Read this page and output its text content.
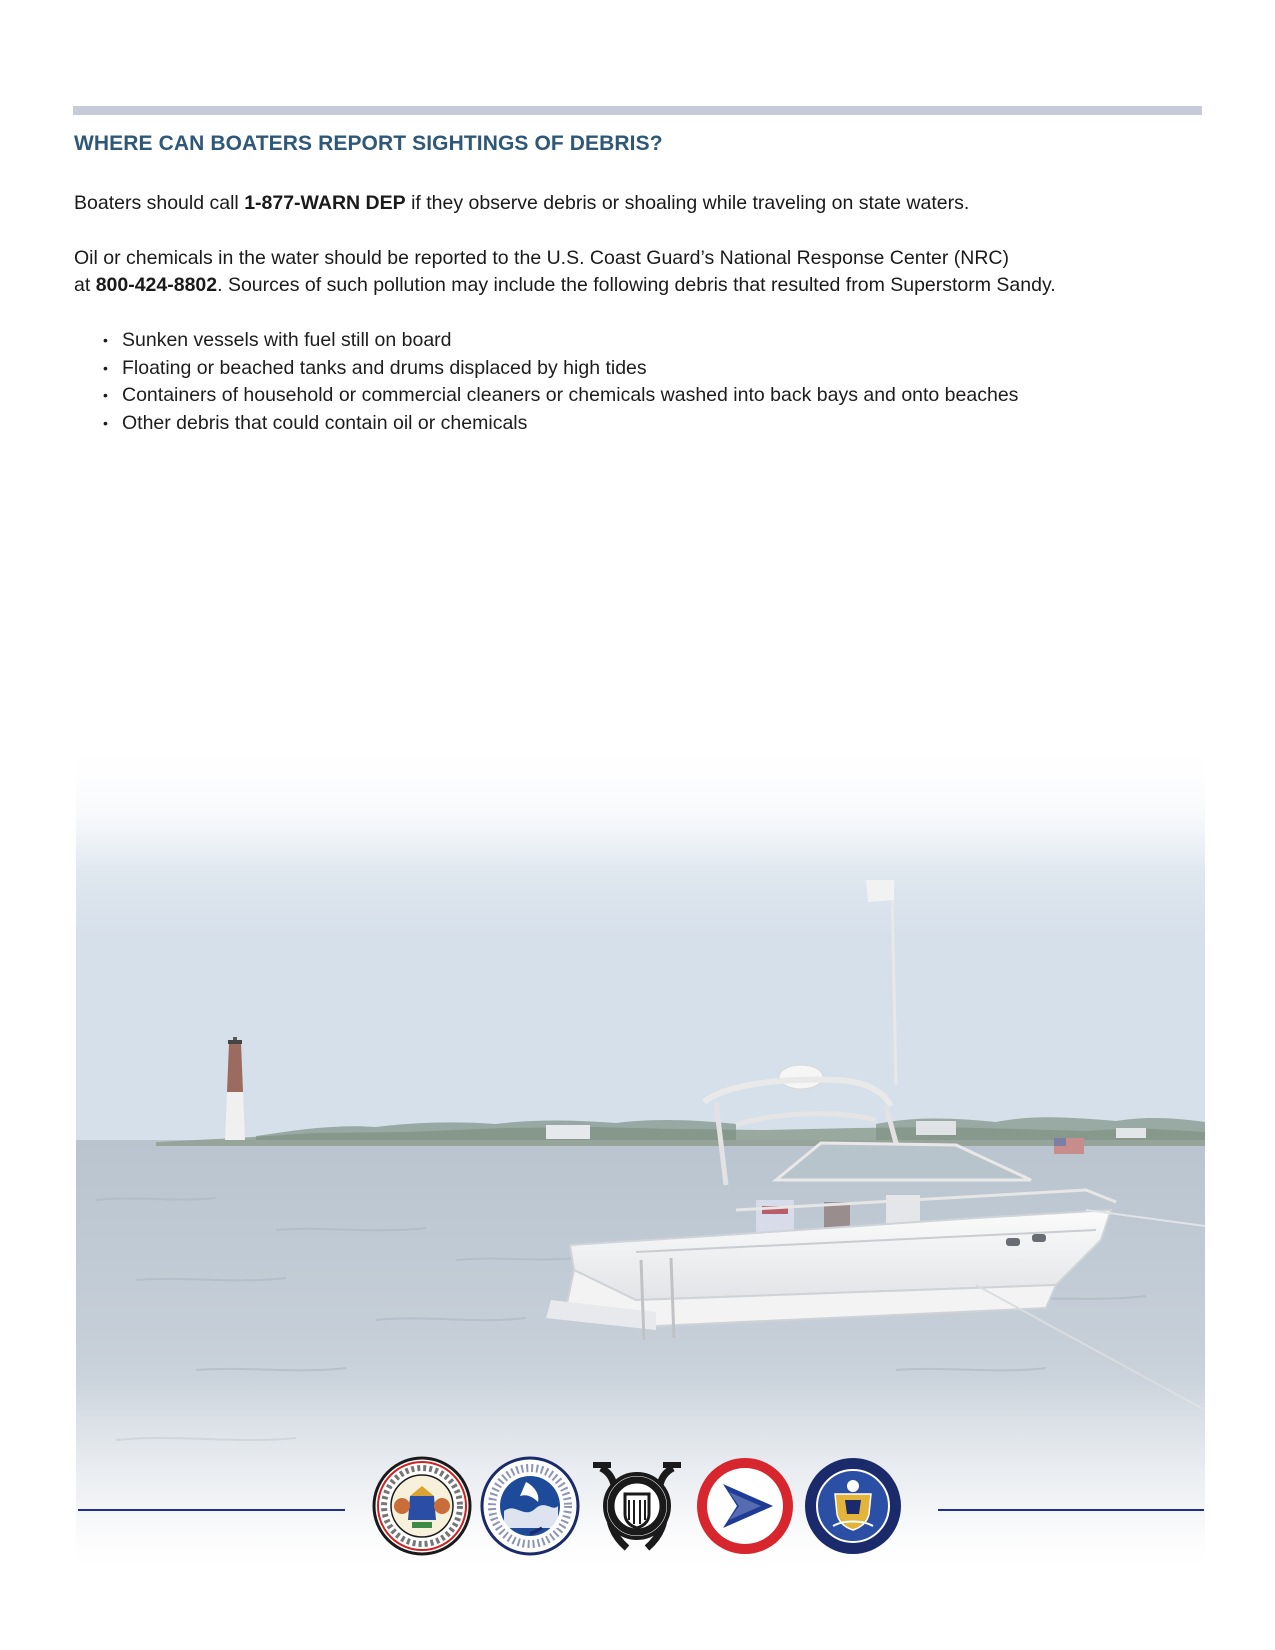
WHERE CAN BOATERS REPORT SIGHTINGS OF DEBRIS?

Boaters should call 1-877-WARN DEP if they observe debris or shoaling while traveling on state waters.

Oil or chemicals in the water should be reported to the U.S. Coast Guard’s National Response Center (NRC)
at 800-424-8802. Sources of such pollution may include the following debris that resulted from Superstorm Sandy.

• Sunken vessels with fuel still on board
• Floating or beached tanks and drums displaced by high tides
• Containers of household or commercial cleaners or chemicals washed into back bays and onto beaches
• Other debris that could contain oil or chemicals
